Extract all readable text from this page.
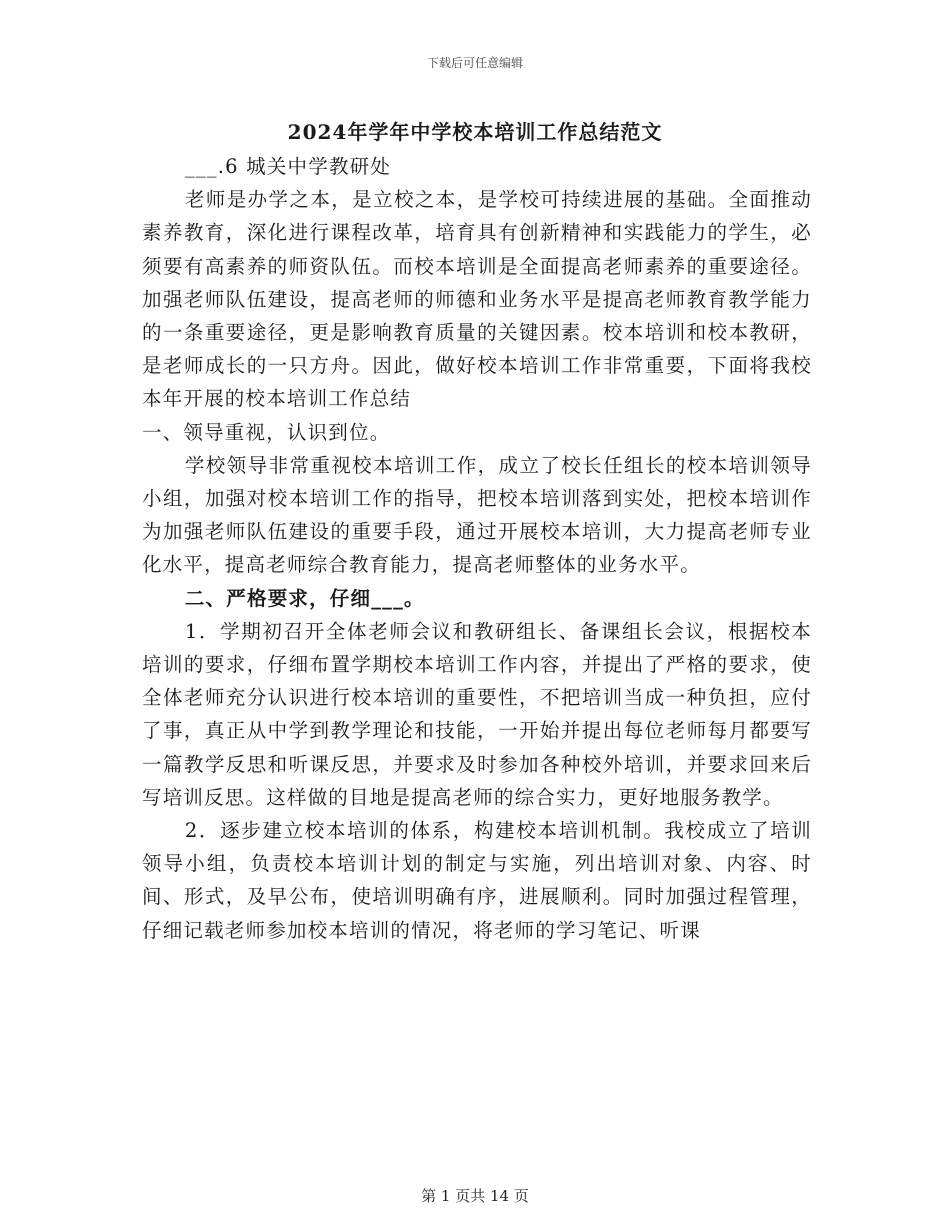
下载后可任意编辑
2024年学年中学校本培训工作总结范文

___.6 城关中学教研处

老师是办学之本，是立校之本，是学校可持续进展的基础。全面推动素养教育，深化进行课程改革，培育具有创新精神和实践能力的学生，必须要有高素养的师资队伍。而校本培训是全面提高老师素养的重要途径。加强老师队伍建设，提高老师的师德和业务水平是提高老师教育教学能力的一条重要途径，更是影响教育质量的关键因素。校本培训和校本教研，是老师成长的一只方舟。因此，做好校本培训工作非常重要，下面将我校本年开展的校本培训工作总结

一、领导重视，认识到位。

学校领导非常重视校本培训工作，成立了校长任组长的校本培训领导小组，加强对校本培训工作的指导，把校本培训落到实处，把校本培训作为加强老师队伍建设的重要手段，通过开展校本培训，大力提高老师专业化水平，提高老师综合教育能力，提高老师整体的业务水平。

二、严格要求，仔细___。

1．学期初召开全体老师会议和教研组长、备课组长会议，根据校本培训的要求，仔细布置学期校本培训工作内容，并提出了严格的要求，使全体老师充分认识进行校本培训的重要性，不把培训当成一种负担，应付了事，真正从中学到教学理论和技能，一开始并提出每位老师每月都要写一篇教学反思和听课反思，并要求及时参加各种校外培训，并要求回来后写培训反思。这样做的目地是提高老师的综合实力，更好地服务教学。

2．逐步建立校本培训的体系，构建校本培训机制。我校成立了培训领导小组，负责校本培训计划的制定与实施，列出培训对象、内容、时间、形式，及早公布，使培训明确有序，进展顺利。同时加强过程管理，仔细记载老师参加校本培训的情况，将老师的学习笔记、听课

第 1 页共 14 页
